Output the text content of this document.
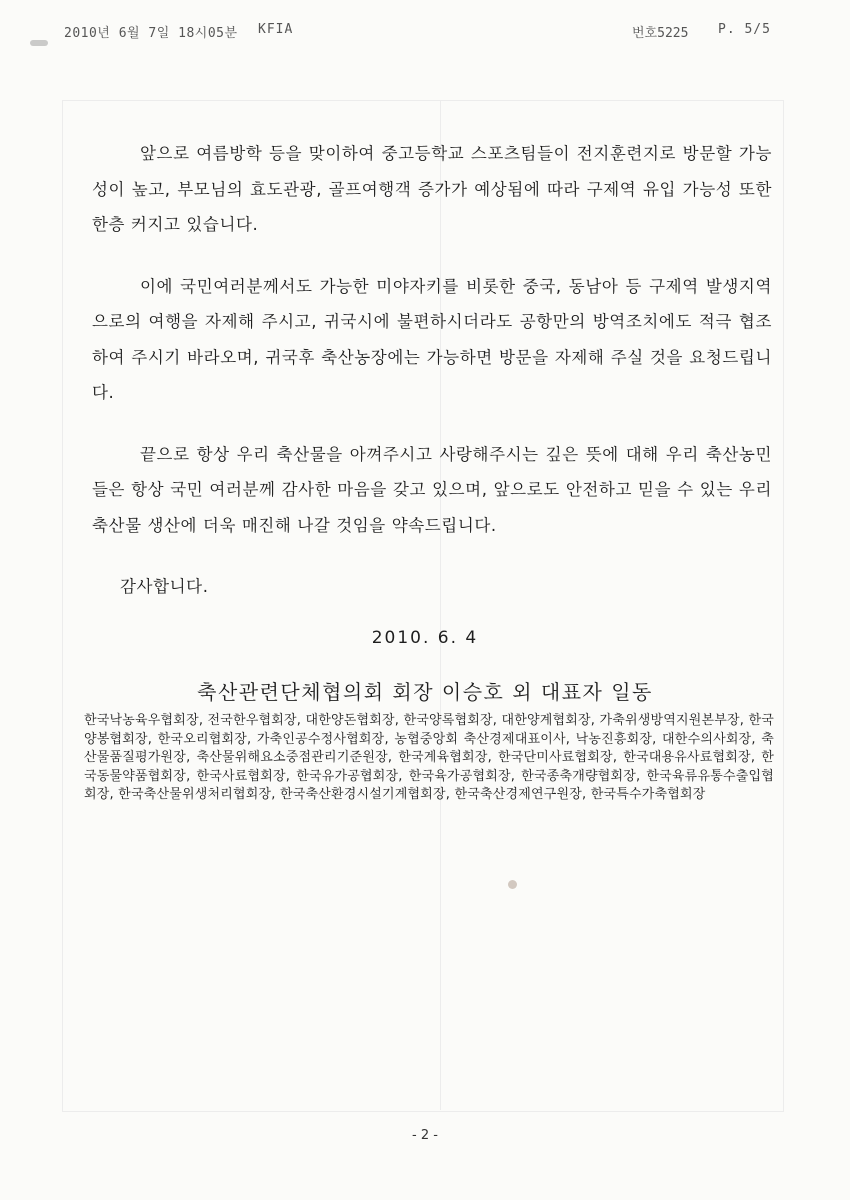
2010년 6월 7일 18시05분 KFIA	번호5225 P. 5/5

앞으로 여름방학 등을 맞이하여 중고등학교 스포츠팀들이 전지훈련지로 방문할 가능성이 높고, 부모님의 효도관광, 골프여행객 증가가 예상됨에 따라 구제역 유입 가능성 또한 한층 커지고 있습니다.

이에 국민여러분께서도 가능한 미야자키를 비롯한 중국, 동남아 등 구제역 발생지역으로의 여행을 자제해 주시고, 귀국시에 불편하시더라도 공항만의 방역조치에도 적극 협조하여 주시기 바라오며, 귀국후 축산농장에는 가능하면 방문을 자제해 주실 것을 요청드립니다.

끝으로 항상 우리 축산물을 아껴주시고 사랑해주시는 깊은 뜻에 대해 우리 축산농민들은 항상 국민 여러분께 감사한 마음을 갖고 있으며, 앞으로도 안전하고 믿을 수 있는 우리 축산물 생산에 더욱 매진해 나갈 것임을 약속드립니다.

감사합니다.

2010. 6. 4
축산관련단체협의회 회장 이승호 외 대표자 일동
한국낙농육우협회장, 전국한우협회장, 대한양돈협회장, 한국양록협회장, 대한양계협회장, 가축위생방역지원본부장, 한국양봉협회장, 한국오리협회장, 가축인공수정사협회장, 농협중앙회 축산경제대표이사, 낙농진흥회장, 대한수의사회장, 축산물품질평가원장, 축산물위해요소중점관리기준원장, 한국계육협회장, 한국단미사료협회장, 한국대용유사료협회장, 한국동물약품협회장, 한국사료협회장, 한국유가공협회장, 한국육가공협회장, 한국종축개량협회장, 한국육류유통수출입협회장, 한국축산물위생처리협회장, 한국축산환경시설기계협회장, 한국축산경제연구원장, 한국특수가축협회장
- 2 -
